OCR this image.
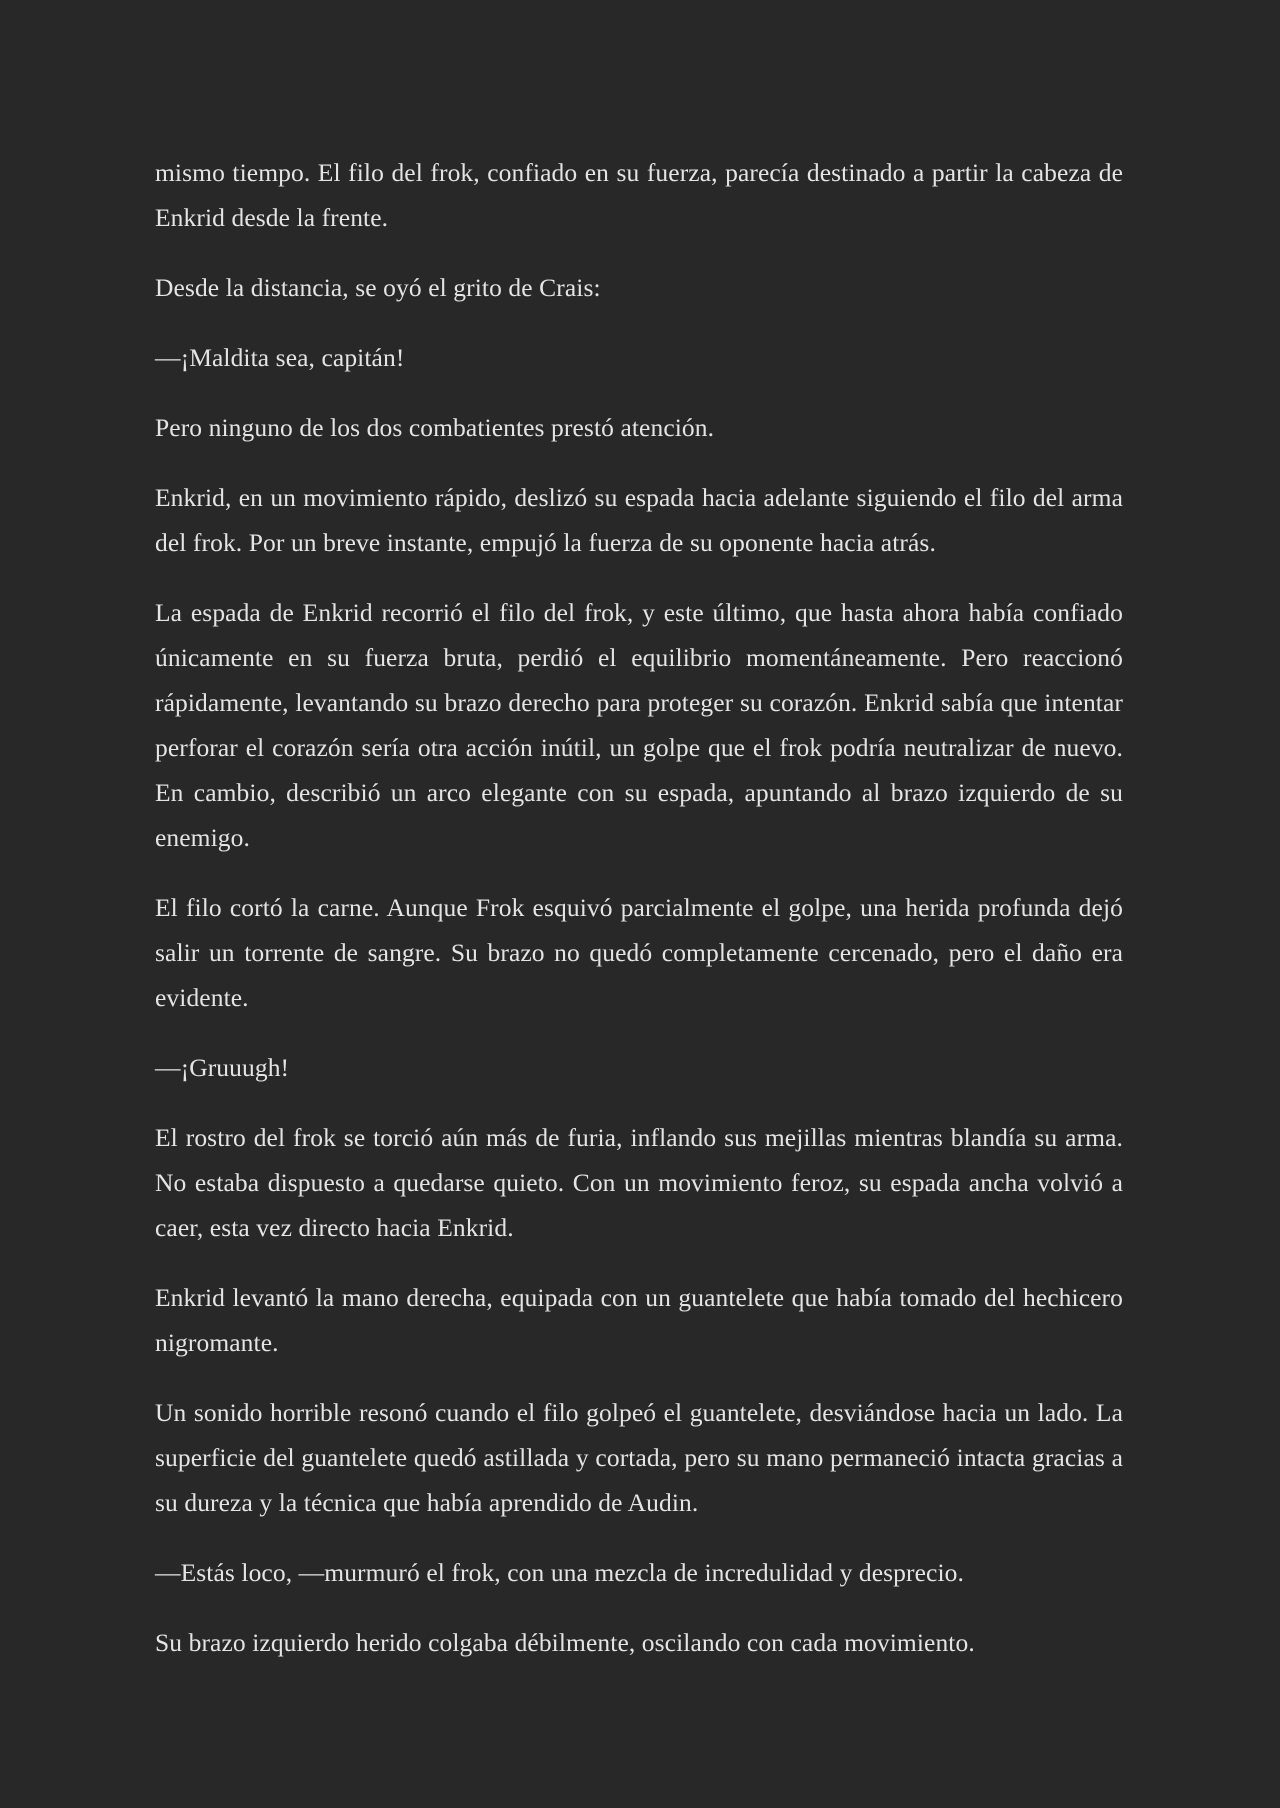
mismo tiempo. El filo del frok, confiado en su fuerza, parecía destinado a partir la cabeza de Enkrid desde la frente.

Desde la distancia, se oyó el grito de Crais:

—¡Maldita sea, capitán!

Pero ninguno de los dos combatientes prestó atención.

Enkrid, en un movimiento rápido, deslizó su espada hacia adelante siguiendo el filo del arma del frok. Por un breve instante, empujó la fuerza de su oponente hacia atrás.

La espada de Enkrid recorrió el filo del frok, y este último, que hasta ahora había confiado únicamente en su fuerza bruta, perdió el equilibrio momentáneamente. Pero reaccionó rápidamente, levantando su brazo derecho para proteger su corazón. Enkrid sabía que intentar perforar el corazón sería otra acción inútil, un golpe que el frok podría neutralizar de nuevo. En cambio, describió un arco elegante con su espada, apuntando al brazo izquierdo de su enemigo.

El filo cortó la carne. Aunque Frok esquivó parcialmente el golpe, una herida profunda dejó salir un torrente de sangre. Su brazo no quedó completamente cercenado, pero el daño era evidente.

—¡Gruuugh!

El rostro del frok se torció aún más de furia, inflando sus mejillas mientras blandía su arma. No estaba dispuesto a quedarse quieto. Con un movimiento feroz, su espada ancha volvió a caer, esta vez directo hacia Enkrid.

Enkrid levantó la mano derecha, equipada con un guantelete que había tomado del hechicero nigromante.

Un sonido horrible resonó cuando el filo golpeó el guantelete, desviándose hacia un lado. La superficie del guantelete quedó astillada y cortada, pero su mano permaneció intacta gracias a su dureza y la técnica que había aprendido de Audin.

—Estás loco, —murmuró el frok, con una mezcla de incredulidad y desprecio.

Su brazo izquierdo herido colgaba débilmente, oscilando con cada movimiento.
